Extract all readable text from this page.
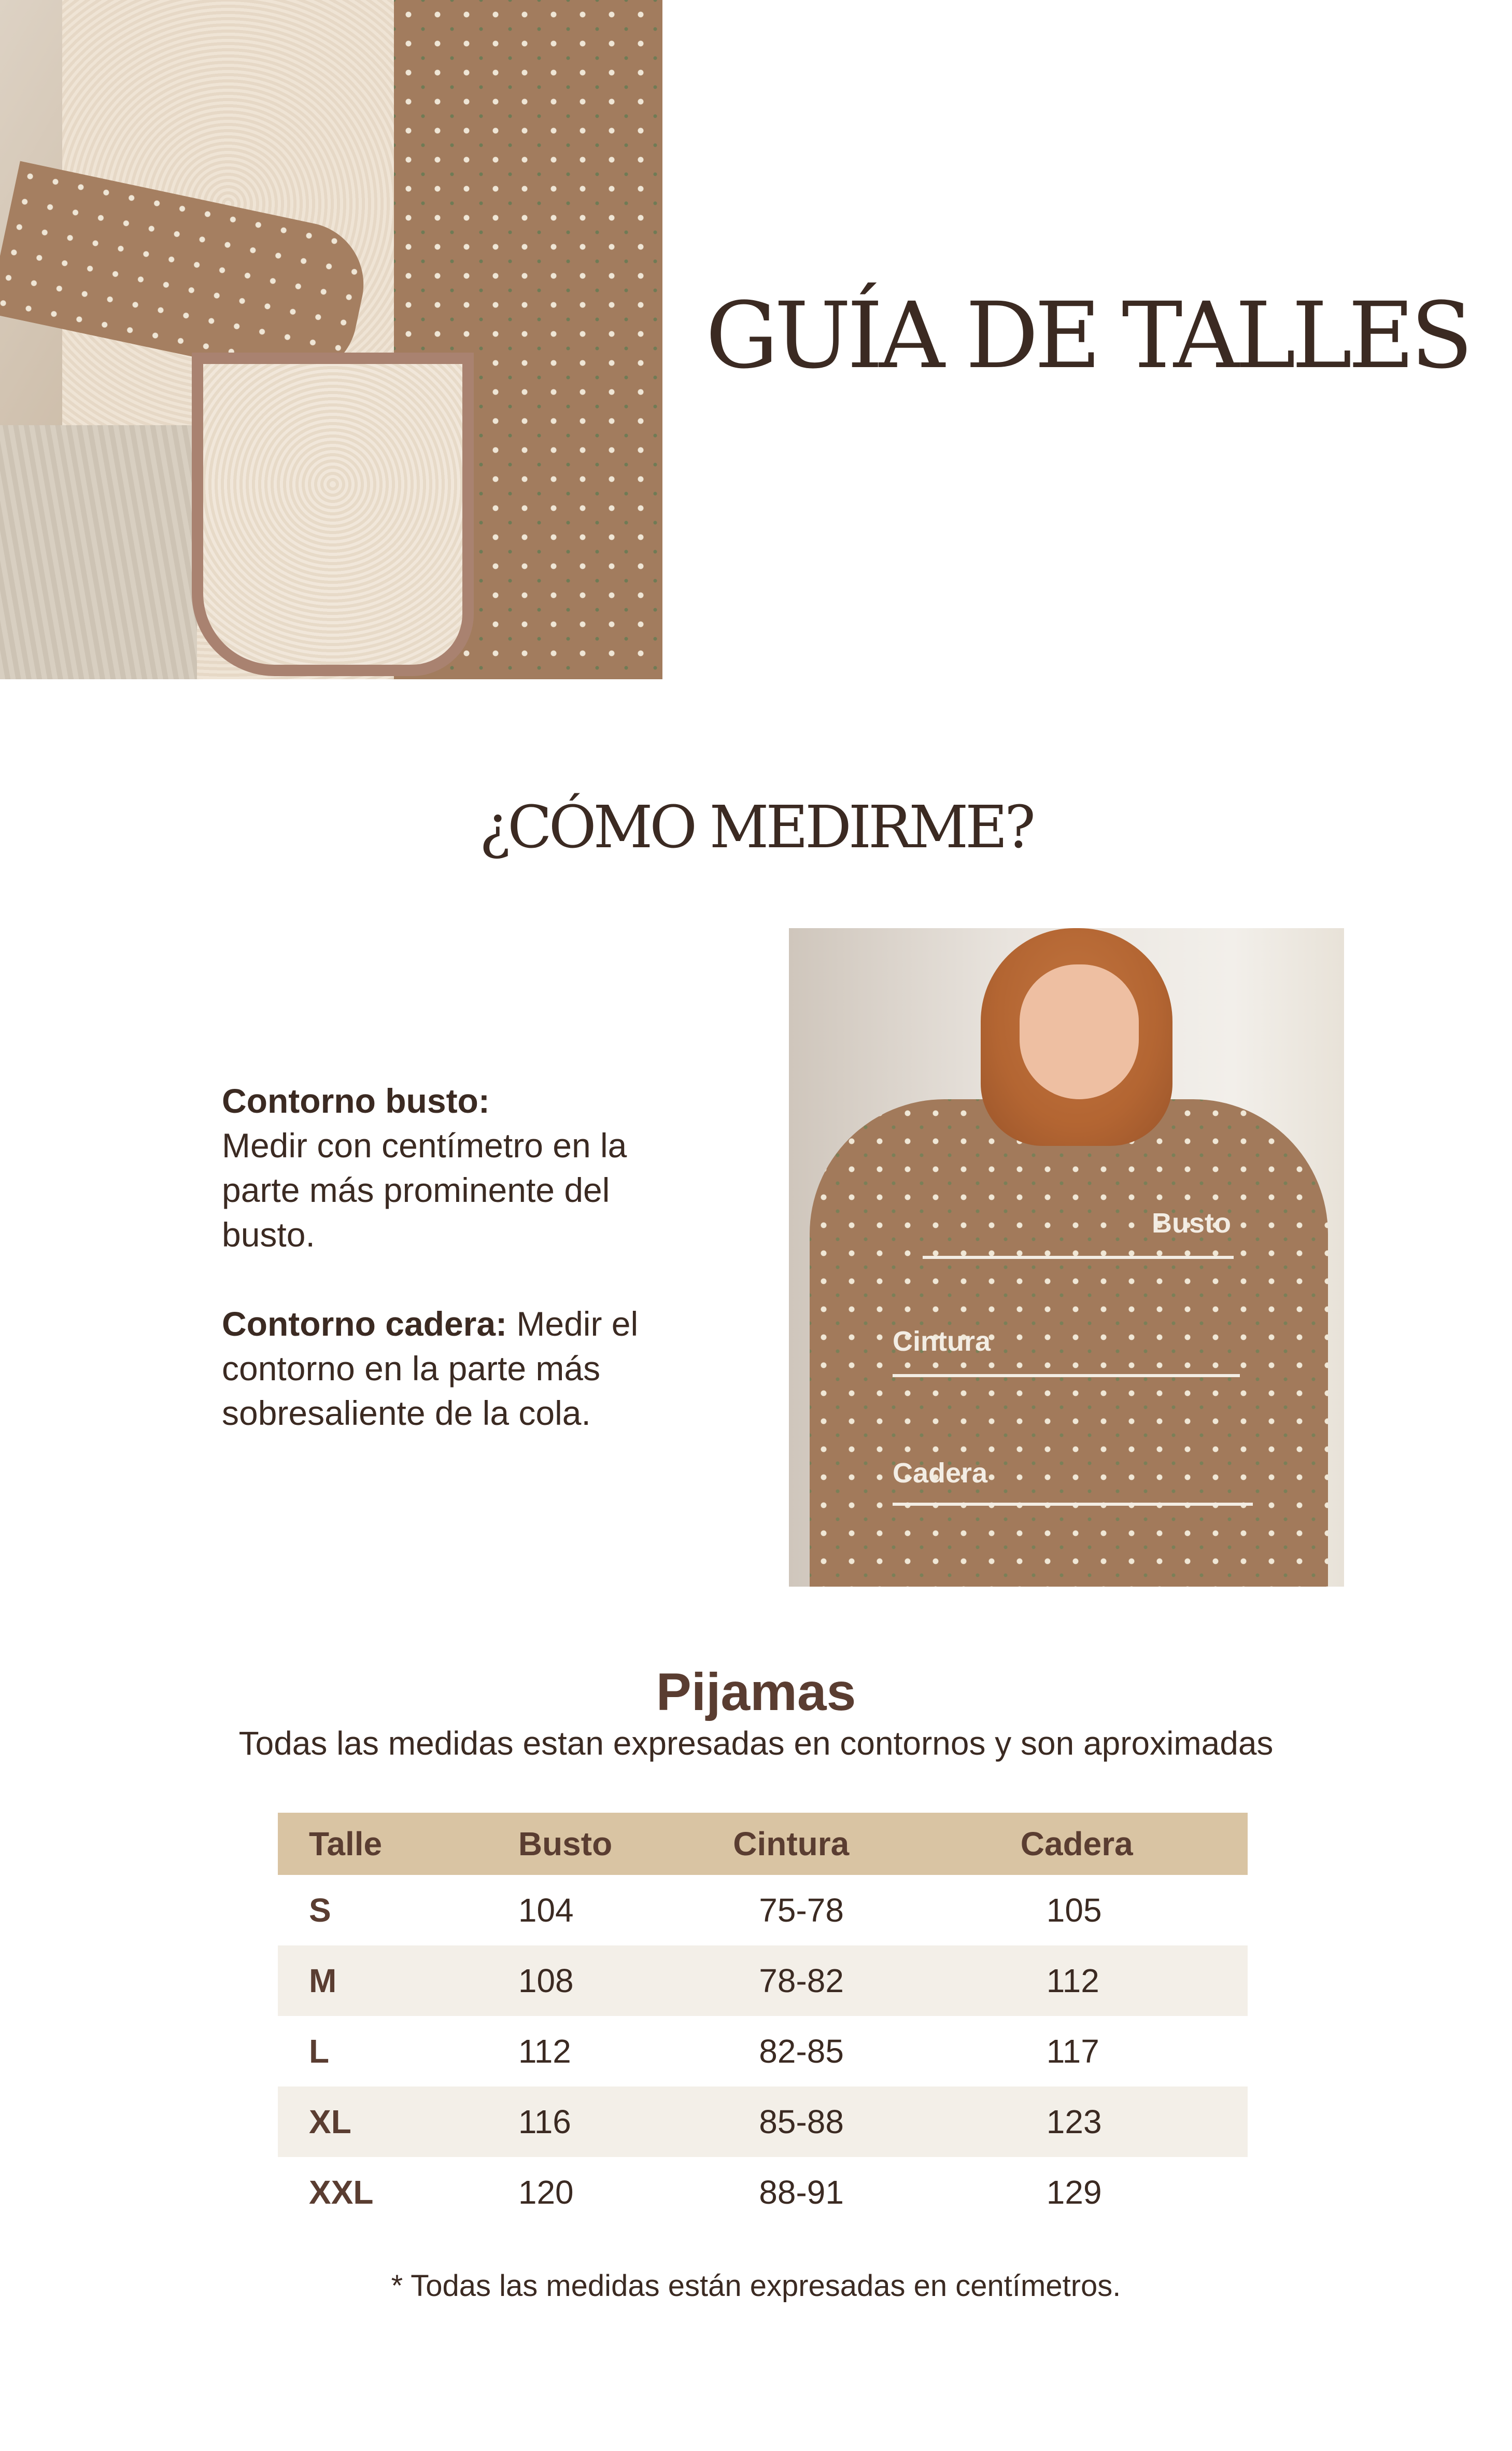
GUÍA DE TALLES
¿CÓMO MEDIRME?

Contorno busto:
Medir con centímetro en la parte más prominente del busto.

Contorno cadera: Medir el contorno en la parte más sobresaliente de la cola.

Busto
Cintura
Cadera
Pijamas
Todas las medidas estan expresadas en contornos y son aproximadas
Talle	Busto	Cintura	Cadera
S	104	75-78	105
M	108	78-82	112
L	112	82-85	117
XL	116	85-88	123
XXL	120	88-91	129
* Todas las medidas están expresadas en centímetros.
